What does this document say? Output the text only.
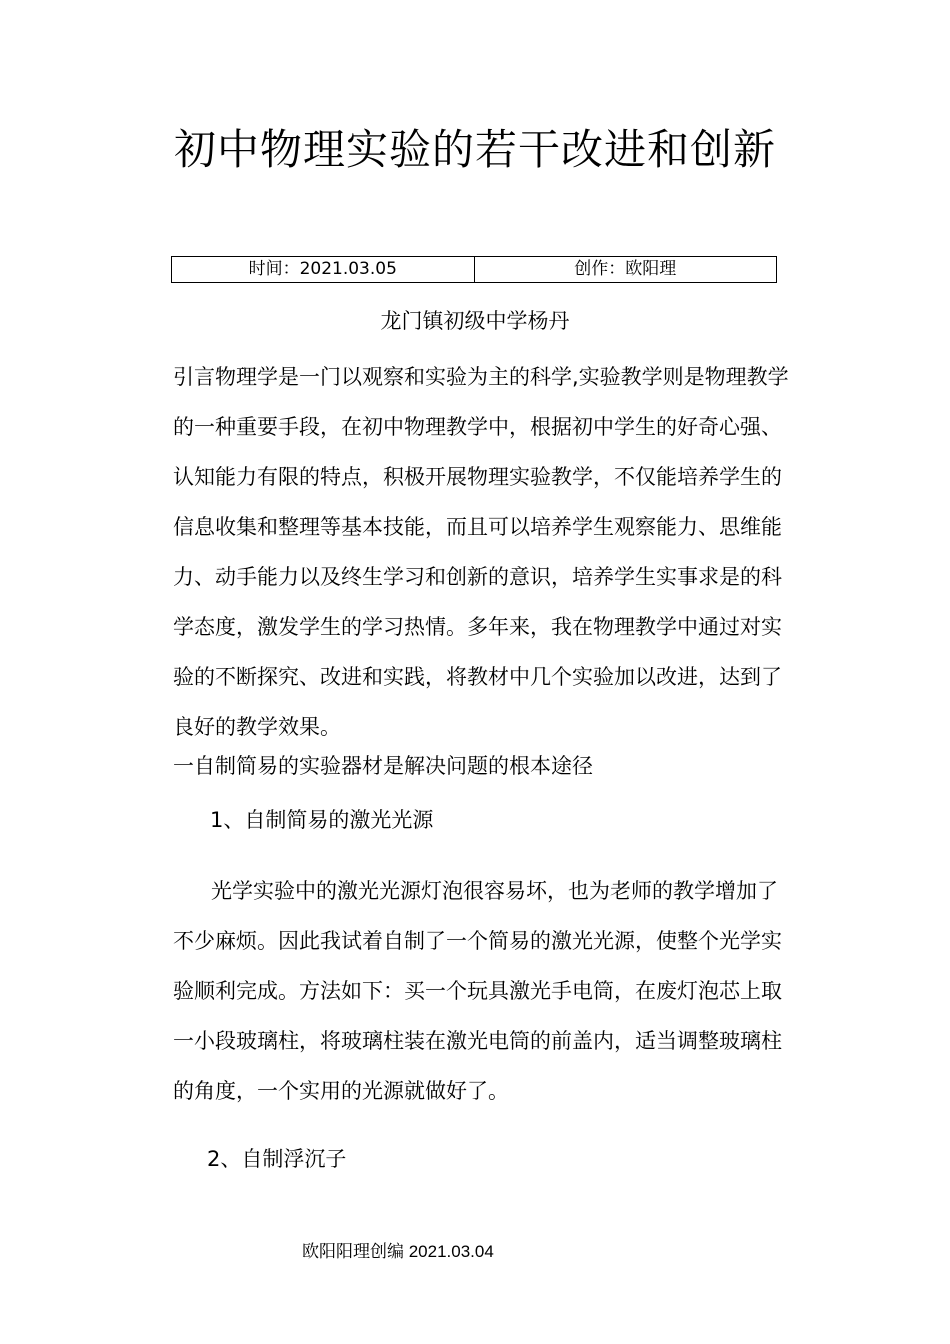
初中物理实验的若干改进和创新
时间：2021.03.05	创作：欧阳理
龙门镇初级中学杨丹

引言物理学是一门以观察和实验为主的科学,实验教学则是物理教学的一种重要手段，在初中物理教学中，根据初中学生的好奇心强、认知能力有限的特点，积极开展物理实验教学，不仅能培养学生的信息收集和整理等基本技能，而且可以培养学生观察能力、思维能力、动手能力以及终生学习和创新的意识，培养学生实事求是的科学态度，激发学生的学习热情。多年来，我在物理教学中通过对实验的不断探究、改进和实践，将教材中几个实验加以改进，达到了良好的教学效果。

一自制简易的实验器材是解决问题的根本途径

1、自制简易的激光光源

光学实验中的激光光源灯泡很容易坏，也为老师的教学增加了不少麻烦。因此我试着自制了一个简易的激光光源，使整个光学实验顺利完成。方法如下：买一个玩具激光手电筒，在废灯泡芯上取一小段玻璃柱，将玻璃柱装在激光电筒的前盖内，适当调整玻璃柱的角度，一个实用的光源就做好了。

2、自制浮沉子

欧阳阳理创编 2021.03.04
